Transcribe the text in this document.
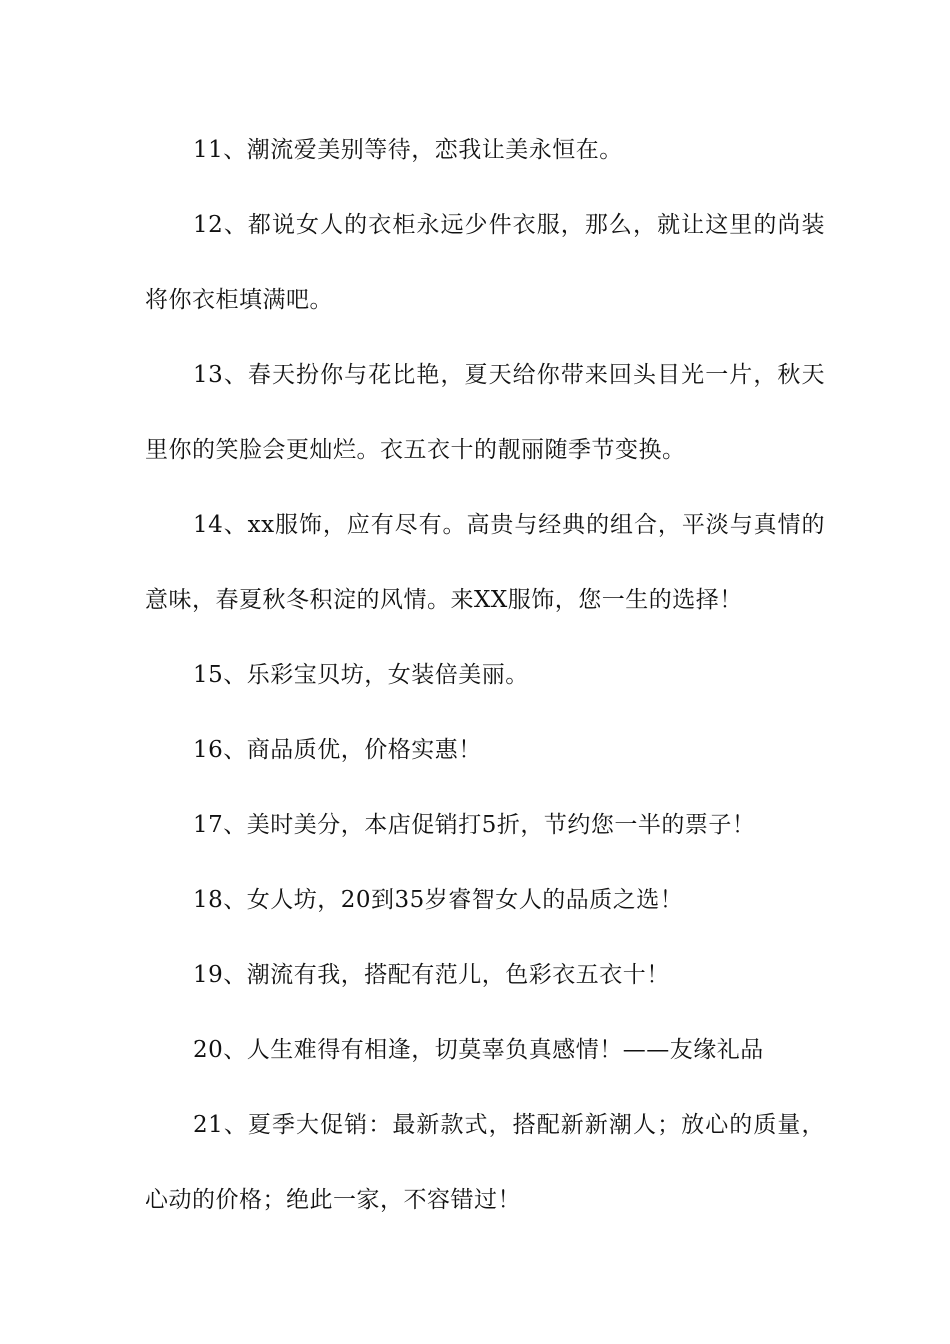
11、潮流爱美别等待，恋我让美永恒在。

12、都说女人的衣柜永远少件衣服，那么，就让这里的尚装将你衣柜填满吧。

13、春天扮你与花比艳，夏天给你带来回头目光一片，秋天里你的笑脸会更灿烂。衣五衣十的靓丽随季节变换。

14、xx服饰，应有尽有。高贵与经典的组合，平淡与真情的意味，春夏秋冬积淀的风情。来XX服饰，您一生的选择！

15、乐彩宝贝坊，女装倍美丽。

16、商品质优，价格实惠！

17、美时美分，本店促销打5折，节约您一半的票子！

18、女人坊，20到35岁睿智女人的品质之选！

19、潮流有我，搭配有范儿，色彩衣五衣十！

20、人生难得有相逢，切莫辜负真感情！——友缘礼品

21、夏季大促销：最新款式，搭配新新潮人；放心的质量，心动的价格；绝此一家，不容错过！
